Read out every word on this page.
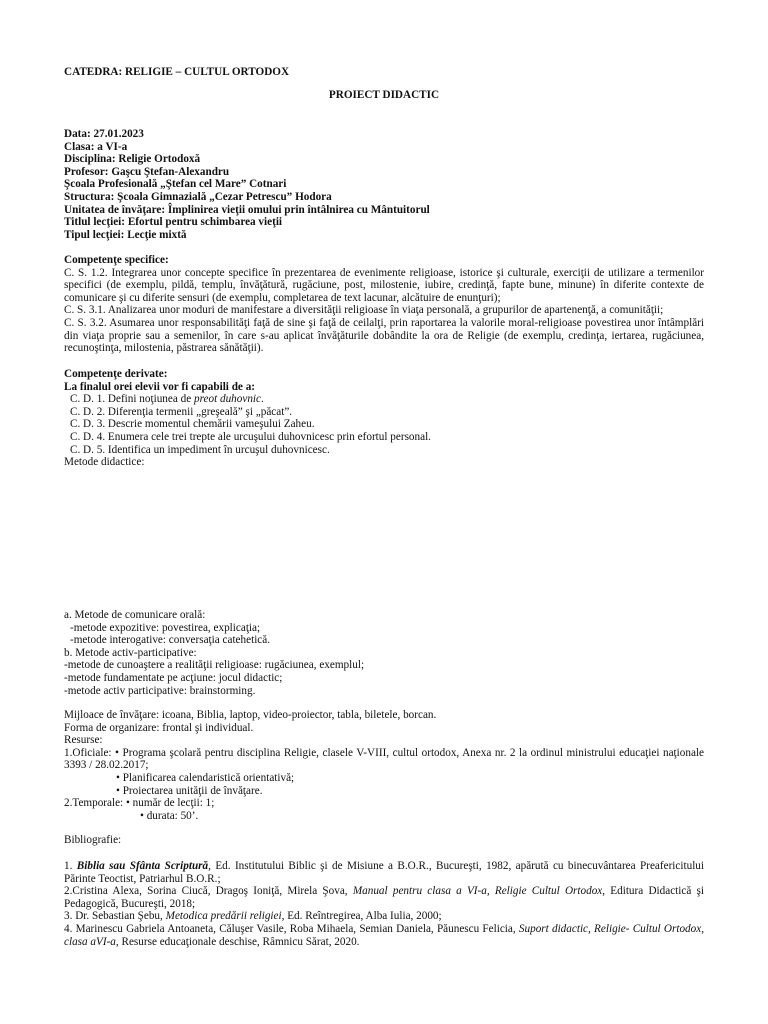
CATEDRA: RELIGIE – CULTUL ORTODOX
PROIECT DIDACTIC
Data: 27.01.2023
Clasa: a VI-a
Disciplina: Religie Ortodoxă
Profesor: Gaşcu Ştefan-Alexandru
Şcoala Profesională „Ştefan cel Mare” Cotnari
Structura: Şcoala Gimnazială „Cezar Petrescu” Hodora
Unitatea de învăţare: Împlinirea vieţii omului prin întâlnirea cu Mântuitorul
Titlul lecţiei: Efortul pentru schimbarea vieţii
Tipul lecţiei: Lecţie mixtă
Competenţe specifice:
C. S. 1.2. Integrarea unor concepte specifice în prezentarea de evenimente religioase, istorice şi culturale, exerciţii de utilizare a termenilor specifici (de exemplu, pildă, templu, învăţătură, rugăciune, post, milostenie, iubire, credinţă, fapte bune, minune) în diferite contexte de comunicare şi cu diferite sensuri (de exemplu, completarea de text lacunar, alcătuire de enunţuri);
C. S. 3.1. Analizarea unor moduri de manifestare a diversităţii religioase în viaţa personală, a grupurilor de apartenenţă, a comunităţii;
C. S. 3.2. Asumarea unor responsabilităţi faţă de sine şi faţă de ceilalţi, prin raportarea la valorile moral-religioase povestirea unor întâmplări din viaţa proprie sau a semenilor, în care s-au aplicat învăţăturile dobândite la ora de Religie (de exemplu, credinţa, iertarea, rugăciunea, recunoştinţa, milostenia, păstrarea sănătăţii).
Competenţe derivate:
La finalul orei elevii vor fi capabili de a:
C. D. 1. Defini noţiunea de preot duhovnic.
C. D. 2. Diferenţia termenii „greşeală” şi „păcat”.
C. D. 3. Descrie momentul chemării vameşului Zaheu.
C. D. 4. Enumera cele trei trepte ale urcuşului duhovnicesc prin efortul personal.
C. D. 5. Identifica un impediment în urcuşul duhovnicesc.
Metode didactice:
a. Metode de comunicare orală:
-metode expozitive: povestirea, explicaţia;
-metode interogative: conversaţia catehetică.
b. Metode activ-participative:
-metode de cunoaştere a realităţii religioase: rugăciunea, exemplul;
-metode fundamentate pe acţiune: jocul didactic;
-metode activ participative: brainstorming.
Mijloace de învăţare: icoana, Biblia, laptop, video-proiector, tabla, biletele, borcan.
Forma de organizare: frontal şi individual.
Resurse:
1.Oficiale: • Programa şcolară pentru disciplina Religie, clasele V-VIII, cultul ortodox, Anexa nr. 2 la ordinul ministrului educaţiei naţionale 3393 / 28.02.2017;
• Planificarea calendaristică orientativă;
• Proiectarea unităţii de învăţare.
2.Temporale: • număr de lecţii: 1;
• durata: 50’.
Bibliografie:
1. Biblia sau Sfânta Scriptură, Ed. Institutului Biblic şi de Misiune a B.O.R., Bucureşti, 1982, apărută cu binecuvântarea Preafericitului Părinte Teoctist, Patriarhul B.O.R.;
2.Cristina Alexa, Sorina Ciucă, Dragoş Ioniţă, Mirela Şova, Manual pentru clasa a VI-a, Religie Cultul Ortodox, Editura Didactică şi Pedagogică, Bucureşti, 2018;
3. Dr. Sebastian Şebu, Metodica predării religiei, Ed. Reîntregirea, Alba Iulia, 2000;
4. Marinescu Gabriela Antoaneta, Căluşer Vasile, Roba Mihaela, Semian Daniela, Păunescu Felicia, Suport didactic, Religie- Cultul Ortodox, clasa aVI-a, Resurse educaţionale deschise, Râmnicu Sărat, 2020.
